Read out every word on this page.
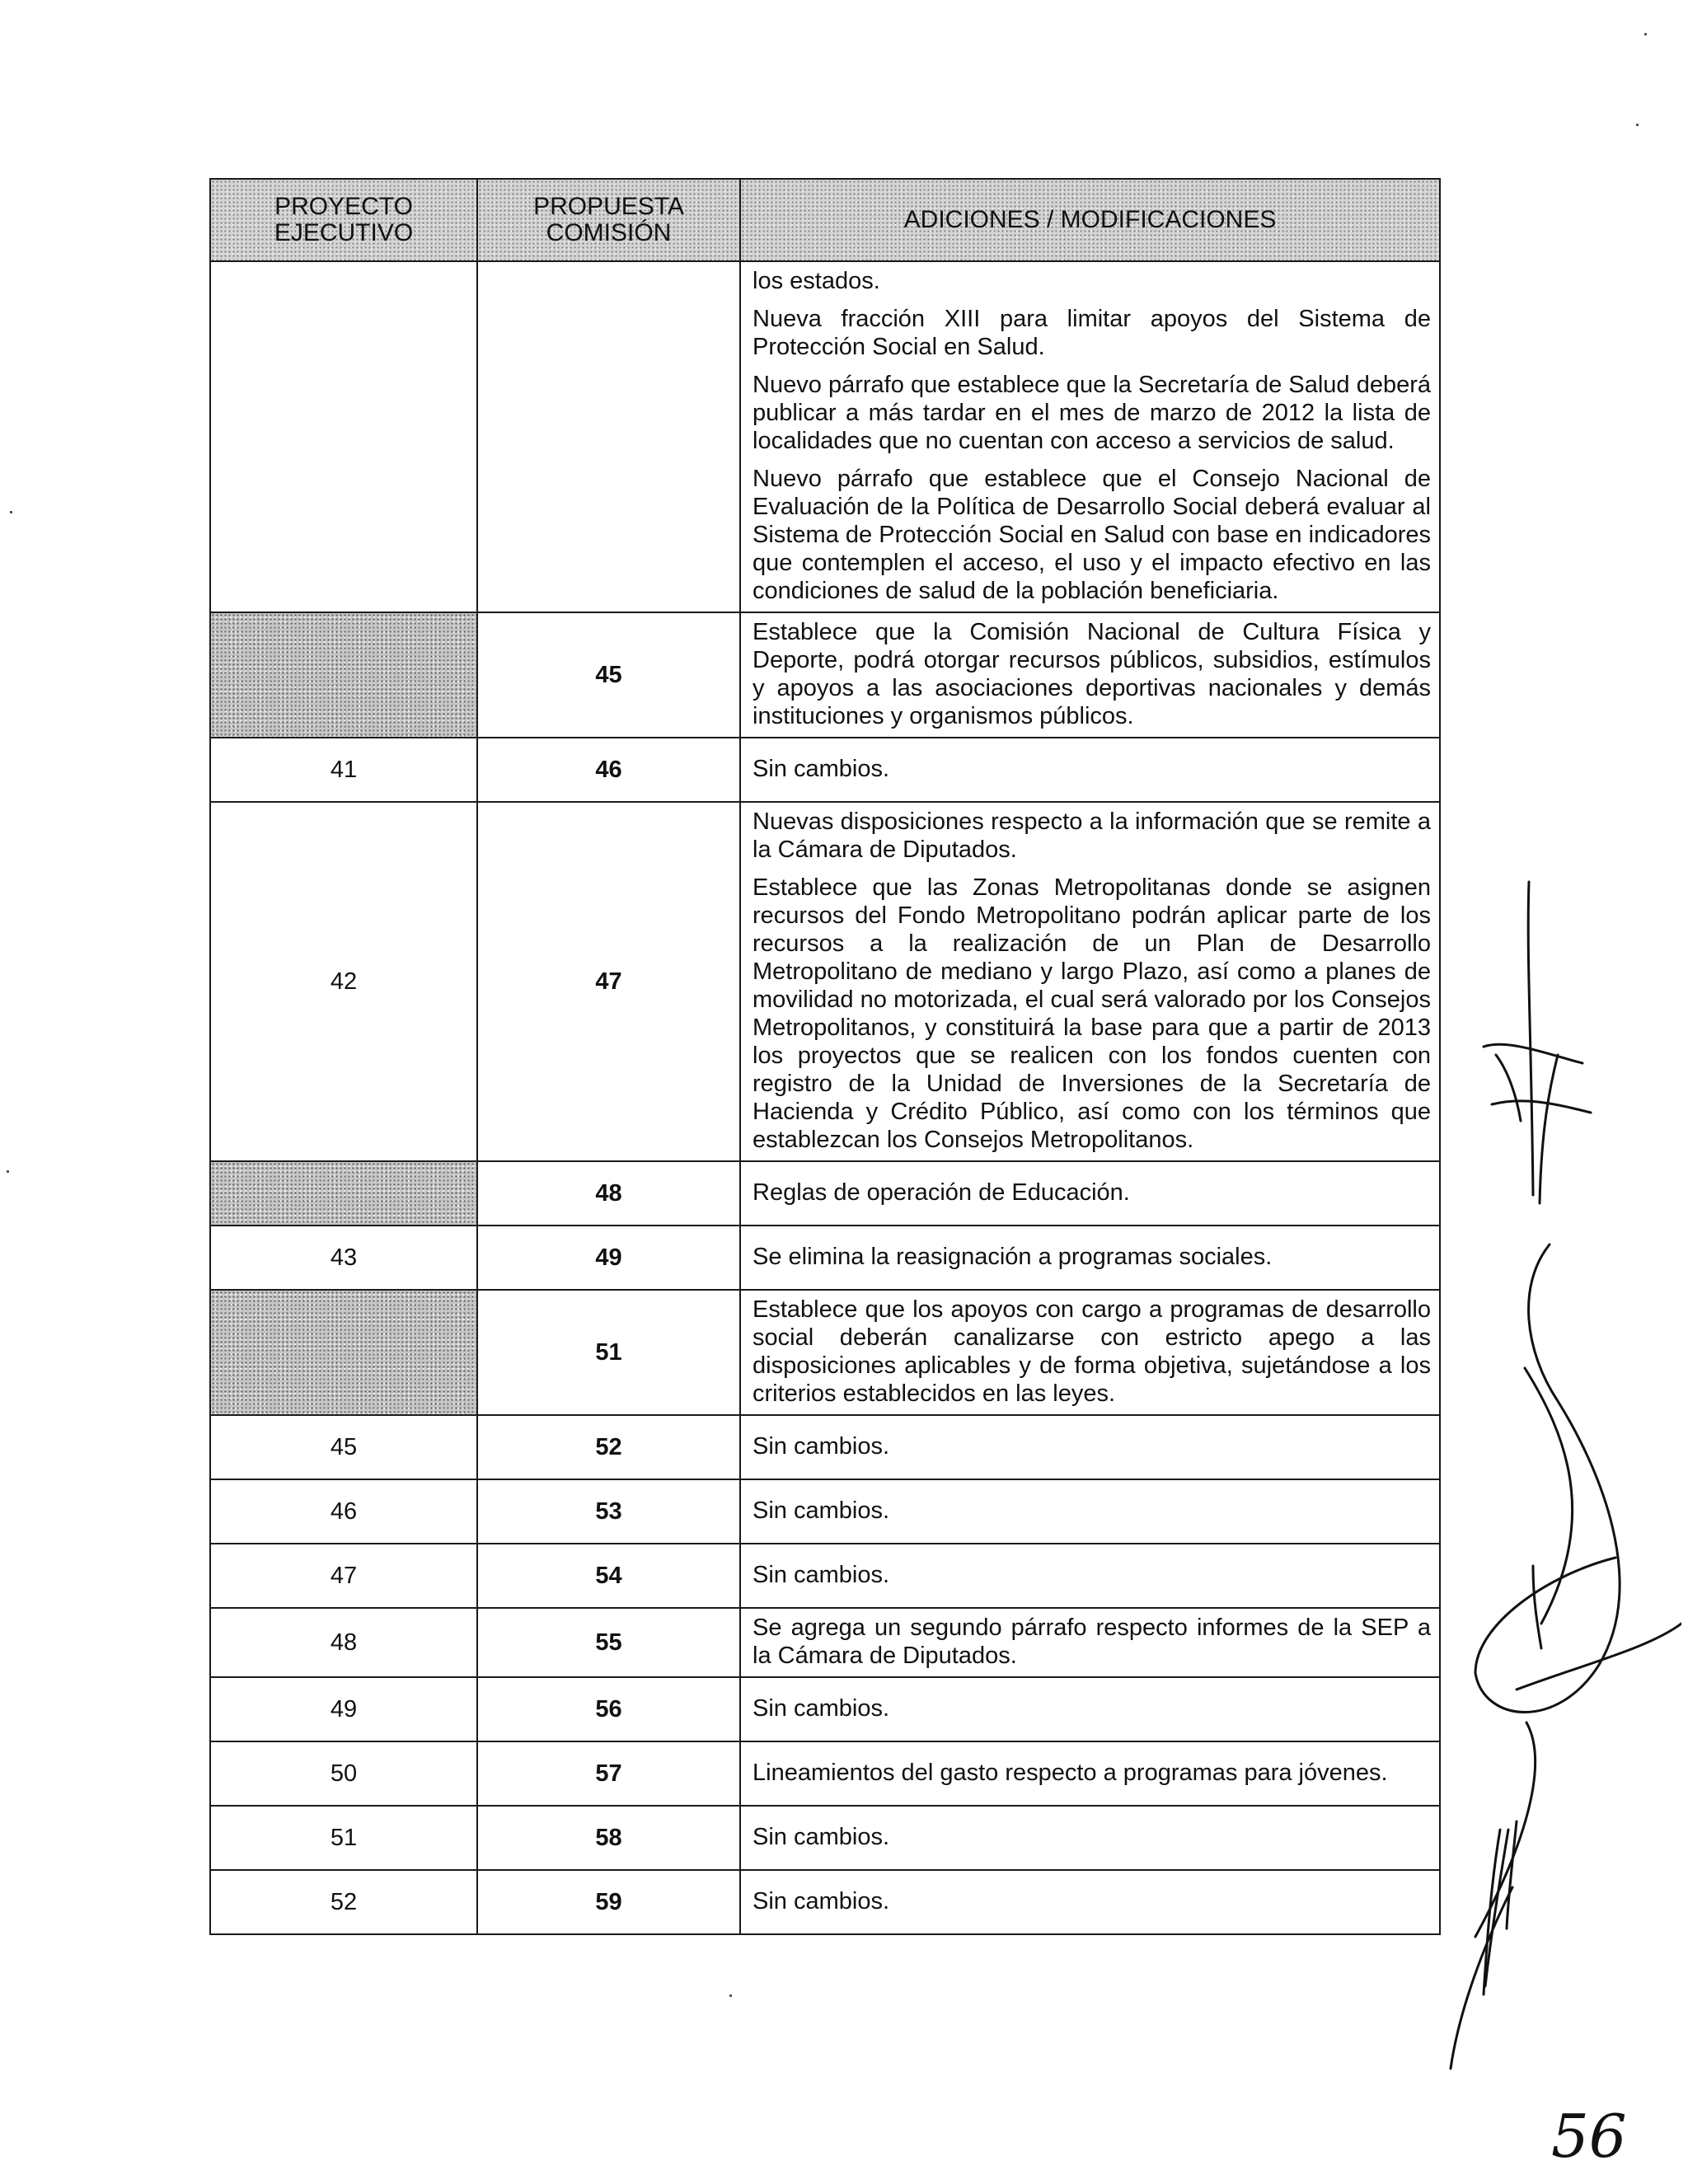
PROYECTO EJECUTIVO	PROPUESTA COMISIÓN	ADICIONES / MODIFICACIONES

		los estados.

Nueva fracción XIII para limitar apoyos del Sistema de Protección Social en Salud.

Nuevo párrafo que establece que la Secretaría de Salud deberá publicar a más tardar en el mes de marzo de 2012 la lista de localidades que no cuentan con acceso a servicios de salud.

Nuevo párrafo que establece que el Consejo Nacional de Evaluación de la Política de Desarrollo Social deberá evaluar al Sistema de Protección Social en Salud con base en indicadores que contemplen el acceso, el uso y el impacto efectivo en las condiciones de salud de la población beneficiaria.

	45	Establece que la Comisión Nacional de Cultura Física y Deporte, podrá otorgar recursos públicos, subsidios, estímulos y apoyos a las asociaciones deportivas nacionales y demás instituciones y organismos públicos.

41	46	Sin cambios.

42	47	Nuevas disposiciones respecto a la información que se remite a la Cámara de Diputados.

Establece que las Zonas Metropolitanas donde se asignen recursos del Fondo Metropolitano podrán aplicar parte de los recursos a la realización de un Plan de Desarrollo Metropolitano de mediano y largo Plazo, así como a planes de movilidad no motorizada, el cual será valorado por los Consejos Metropolitanos, y constituirá la base para que a partir de 2013 los proyectos que se realicen con los fondos cuenten con registro de la Unidad de Inversiones de la Secretaría de Hacienda y Crédito Público, así como con los términos que establezcan los Consejos Metropolitanos.

	48	Reglas de operación de Educación.

43	49	Se elimina la reasignación a programas sociales.

	51	Establece que los apoyos con cargo a programas de desarrollo social deberán canalizarse con estricto apego a las disposiciones aplicables y de forma objetiva, sujetándose a los criterios establecidos en las leyes.

45	52	Sin cambios.

46	53	Sin cambios.

47	54	Sin cambios.

48	55	Se agrega un segundo párrafo respecto informes de la SEP a la Cámara de Diputados.

49	56	Sin cambios.

50	57	Lineamientos del gasto respecto a programas para jóvenes.

51	58	Sin cambios.

52	59	Sin cambios.

56
